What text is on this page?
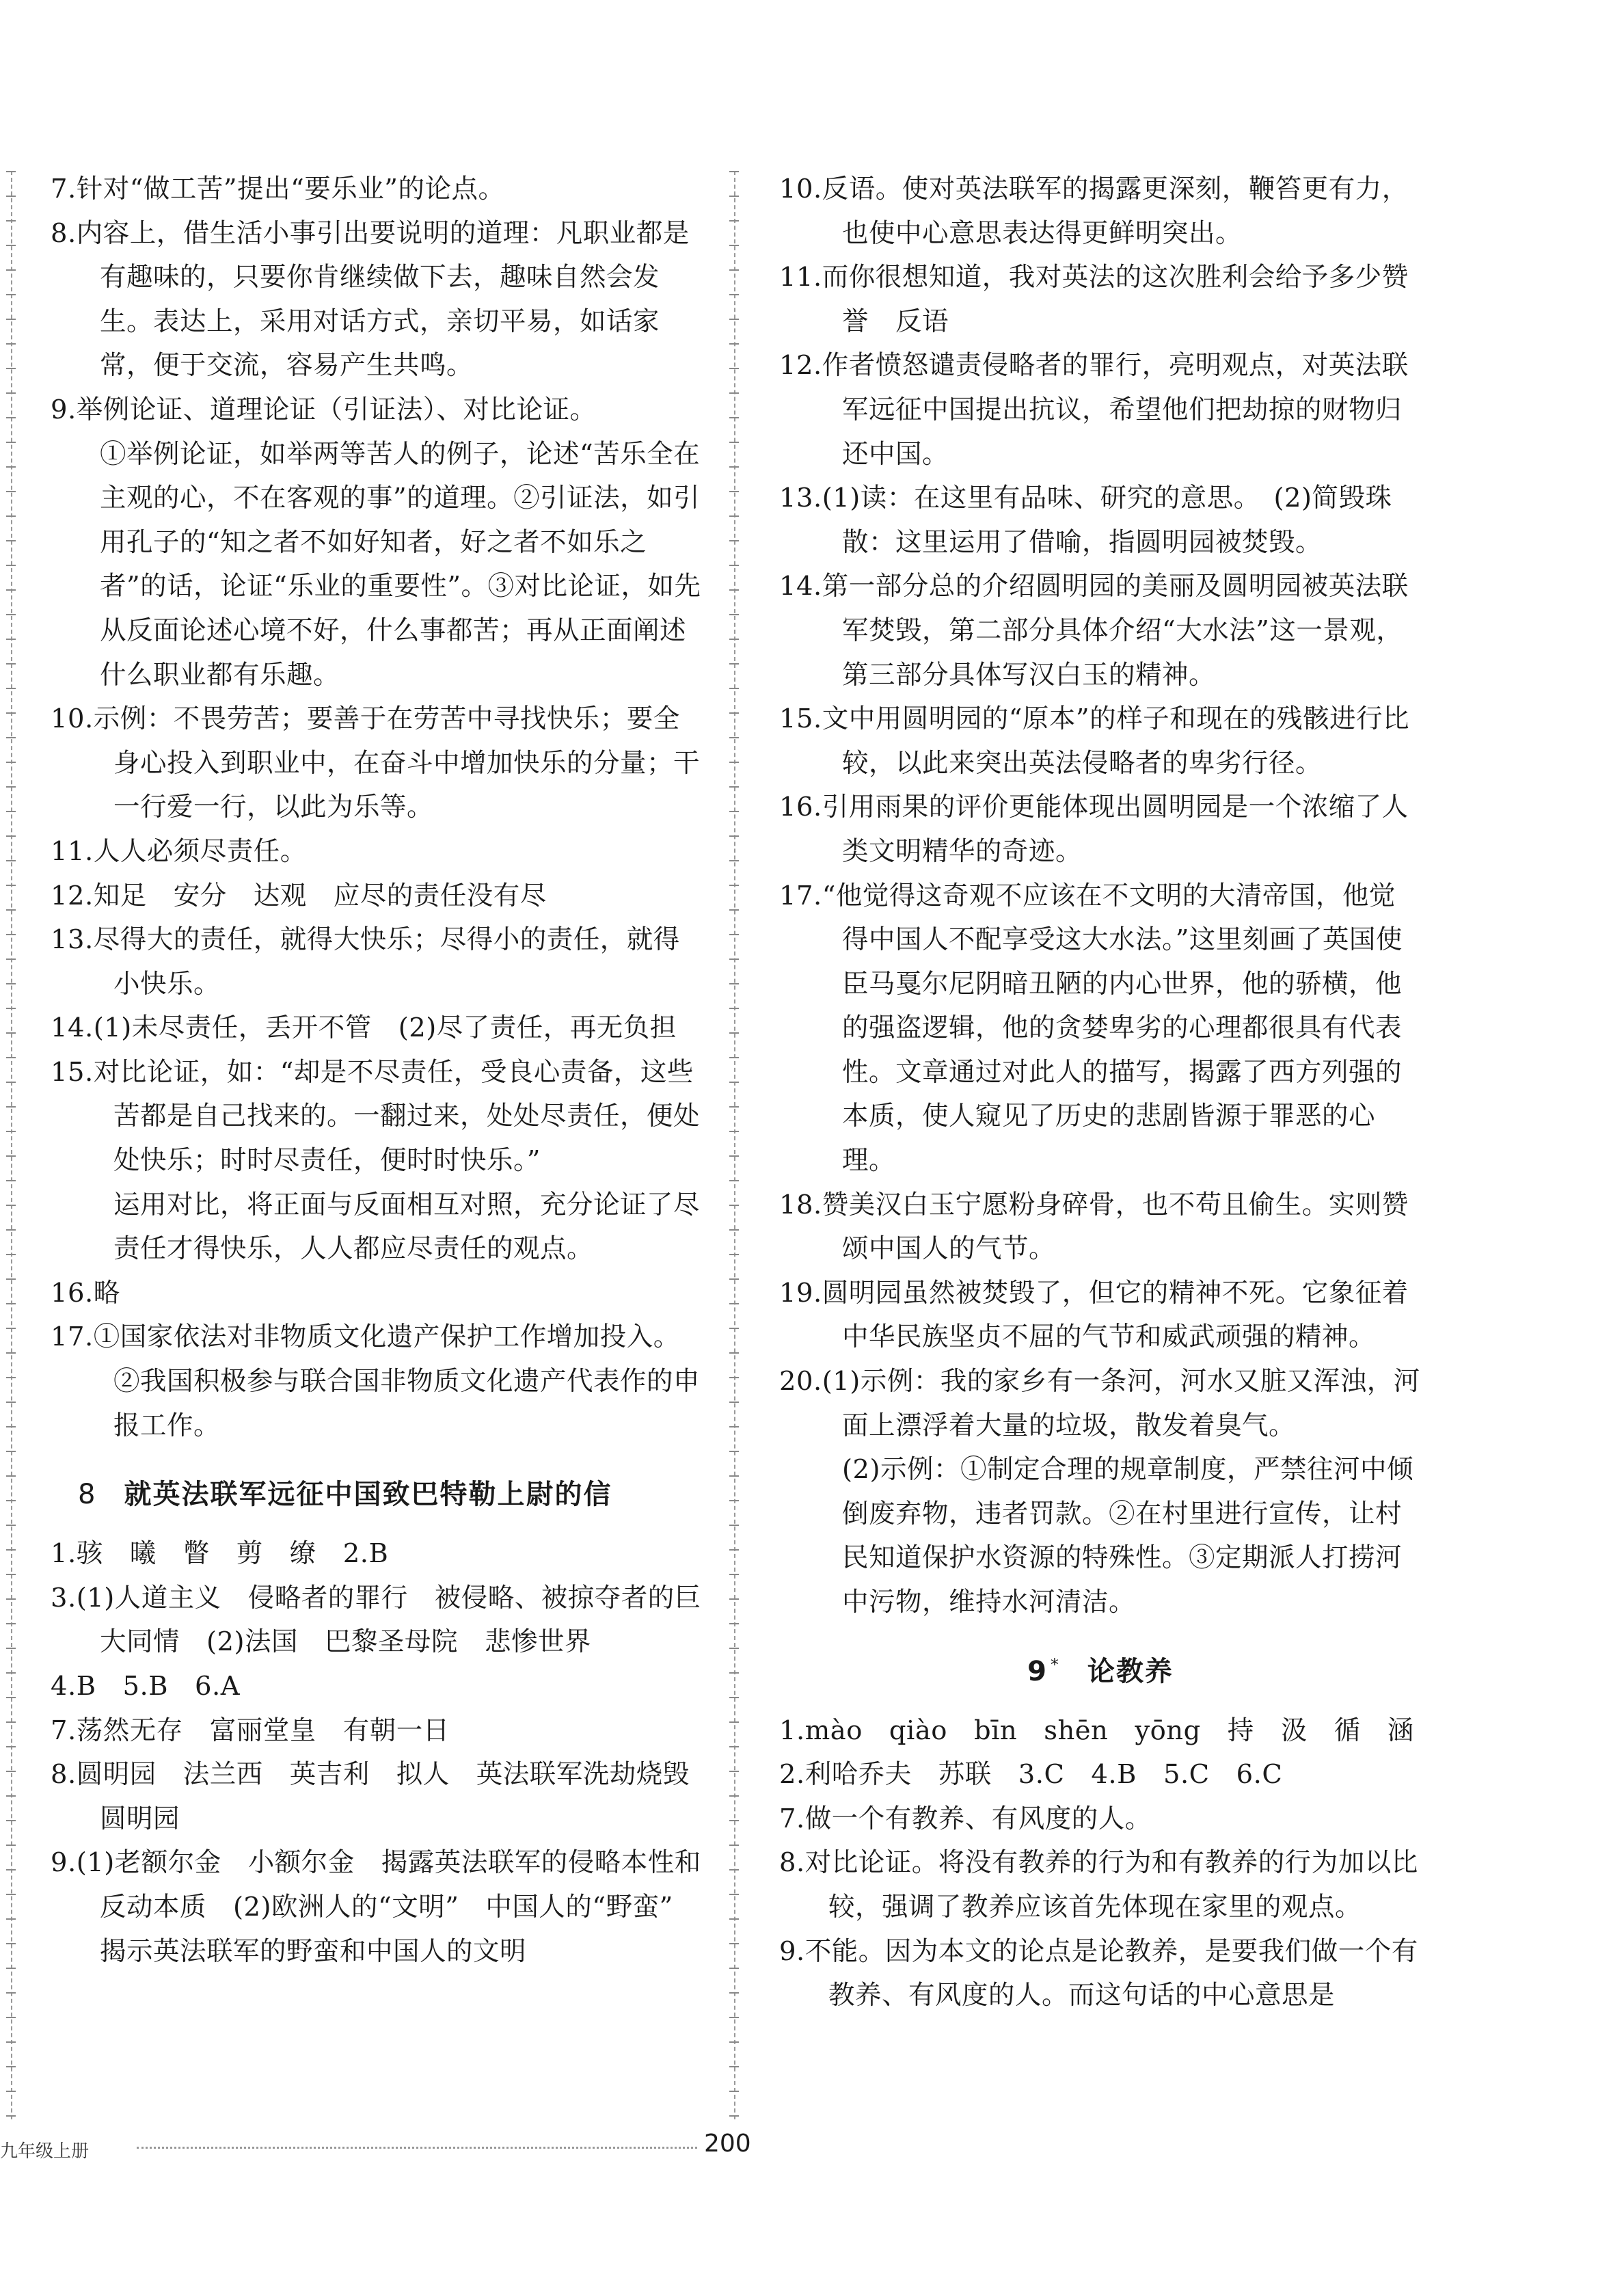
7.针对“做工苦”提出“要乐业”的论点。

8.内容上，借生活小事引出要说明的道理：凡职业都是有趣味的，只要你肯继续做下去，趣味自然会发生。表达上，采用对话方式，亲切平易，如话家常，便于交流，容易产生共鸣。

9.举例论证、道理论证（引证法）、对比论证。

①举例论证，如举两等苦人的例子，论述“苦乐全在主观的心，不在客观的事”的道理。②引证法，如引用孔子的“知之者不如好知者，好之者不如乐之者”的话，论证“乐业的重要性”。③对比论证，如先从反面论述心境不好，什么事都苦；再从正面阐述什么职业都有乐趣。

10.示例：不畏劳苦；要善于在劳苦中寻找快乐；要全身心投入到职业中，在奋斗中增加快乐的分量；干一行爱一行，以此为乐等。

11.人人必须尽责任。

12.知足　安分　达观　应尽的责任没有尽

13.尽得大的责任，就得大快乐；尽得小的责任，就得小快乐。

14.(1)未尽责任，丢开不管　(2)尽了责任，再无负担

15.对比论证，如：“却是不尽责任，受良心责备，这些苦都是自己找来的。一翻过来，处处尽责任，便处处快乐；时时尽责任，便时时快乐。”

运用对比，将正面与反面相互对照，充分论证了尽责任才得快乐，人人都应尽责任的观点。

16.略

17.①国家依法对非物质文化遗产保护工作增加投入。②我国积极参与联合国非物质文化遗产代表作的申报工作。

8 就英法联军远征中国致巴特勒上尉的信

1.骇　曦　瞥　剪　缭　2.B

3.(1)人道主义　侵略者的罪行　被侵略、被掠夺者的巨大同情　(2)法国　巴黎圣母院　悲惨世界

4.B　5.B　6.A

7.荡然无存　富丽堂皇　有朝一日

8.圆明园　法兰西　英吉利　拟人　英法联军洗劫烧毁圆明园

9.(1)老额尔金　小额尔金　揭露英法联军的侵略本性和反动本质　(2)欧洲人的“文明”　中国人的“野蛮”　揭示英法联军的野蛮和中国人的文明

10.反语。使对英法联军的揭露更深刻，鞭笞更有力，也使中心意思表达得更鲜明突出。

11.而你很想知道，我对英法的这次胜利会给予多少赞誉　反语

12.作者愤怒谴责侵略者的罪行，亮明观点，对英法联军远征中国提出抗议，希望他们把劫掠的财物归还中国。

13.(1)读：在这里有品味、研究的意思。　(2)简毁珠散：这里运用了借喻，指圆明园被焚毁。

14.第一部分总的介绍圆明园的美丽及圆明园被英法联军焚毁，第二部分具体介绍“大水法”这一景观，第三部分具体写汉白玉的精神。

15.文中用圆明园的“原本”的样子和现在的残骸进行比较，以此来突出英法侵略者的卑劣行径。

16.引用雨果的评价更能体现出圆明园是一个浓缩了人类文明精华的奇迹。

17.“他觉得这奇观不应该在不文明的大清帝国，他觉得中国人不配享受这大水法。”这里刻画了英国使臣马戛尔尼阴暗丑陋的内心世界，他的骄横，他的强盗逻辑，他的贪婪卑劣的心理都很具有代表性。文章通过对此人的描写，揭露了西方列强的本质，使人窥见了历史的悲剧皆源于罪恶的心理。

18.赞美汉白玉宁愿粉身碎骨，也不苟且偷生。实则赞颂中国人的气节。

19.圆明园虽然被焚毁了，但它的精神不死。它象征着中华民族坚贞不屈的气节和威武顽强的精神。

20.(1)示例：我的家乡有一条河，河水又脏又浑浊，河面上漂浮着大量的垃圾，散发着臭气。

(2)示例：①制定合理的规章制度，严禁往河中倾倒废弃物，违者罚款。②在村里进行宣传，让村民知道保护水资源的特殊性。③定期派人打捞河中污物，维持水河清洁。

9 * 论教养

1.mào　qiào　bīn　shēn　yōng　持　汲　循　涵

2.利哈乔夫　苏联　3.C　4.B　5.C　6.C

7.做一个有教养、有风度的人。

8.对比论证。将没有教养的行为和有教养的行为加以比较，强调了教养应该首先体现在家里的观点。

9.不能。因为本文的论点是论教养，是要我们做一个有教养、有风度的人。而这句话的中心意思是

九年级上册	200
